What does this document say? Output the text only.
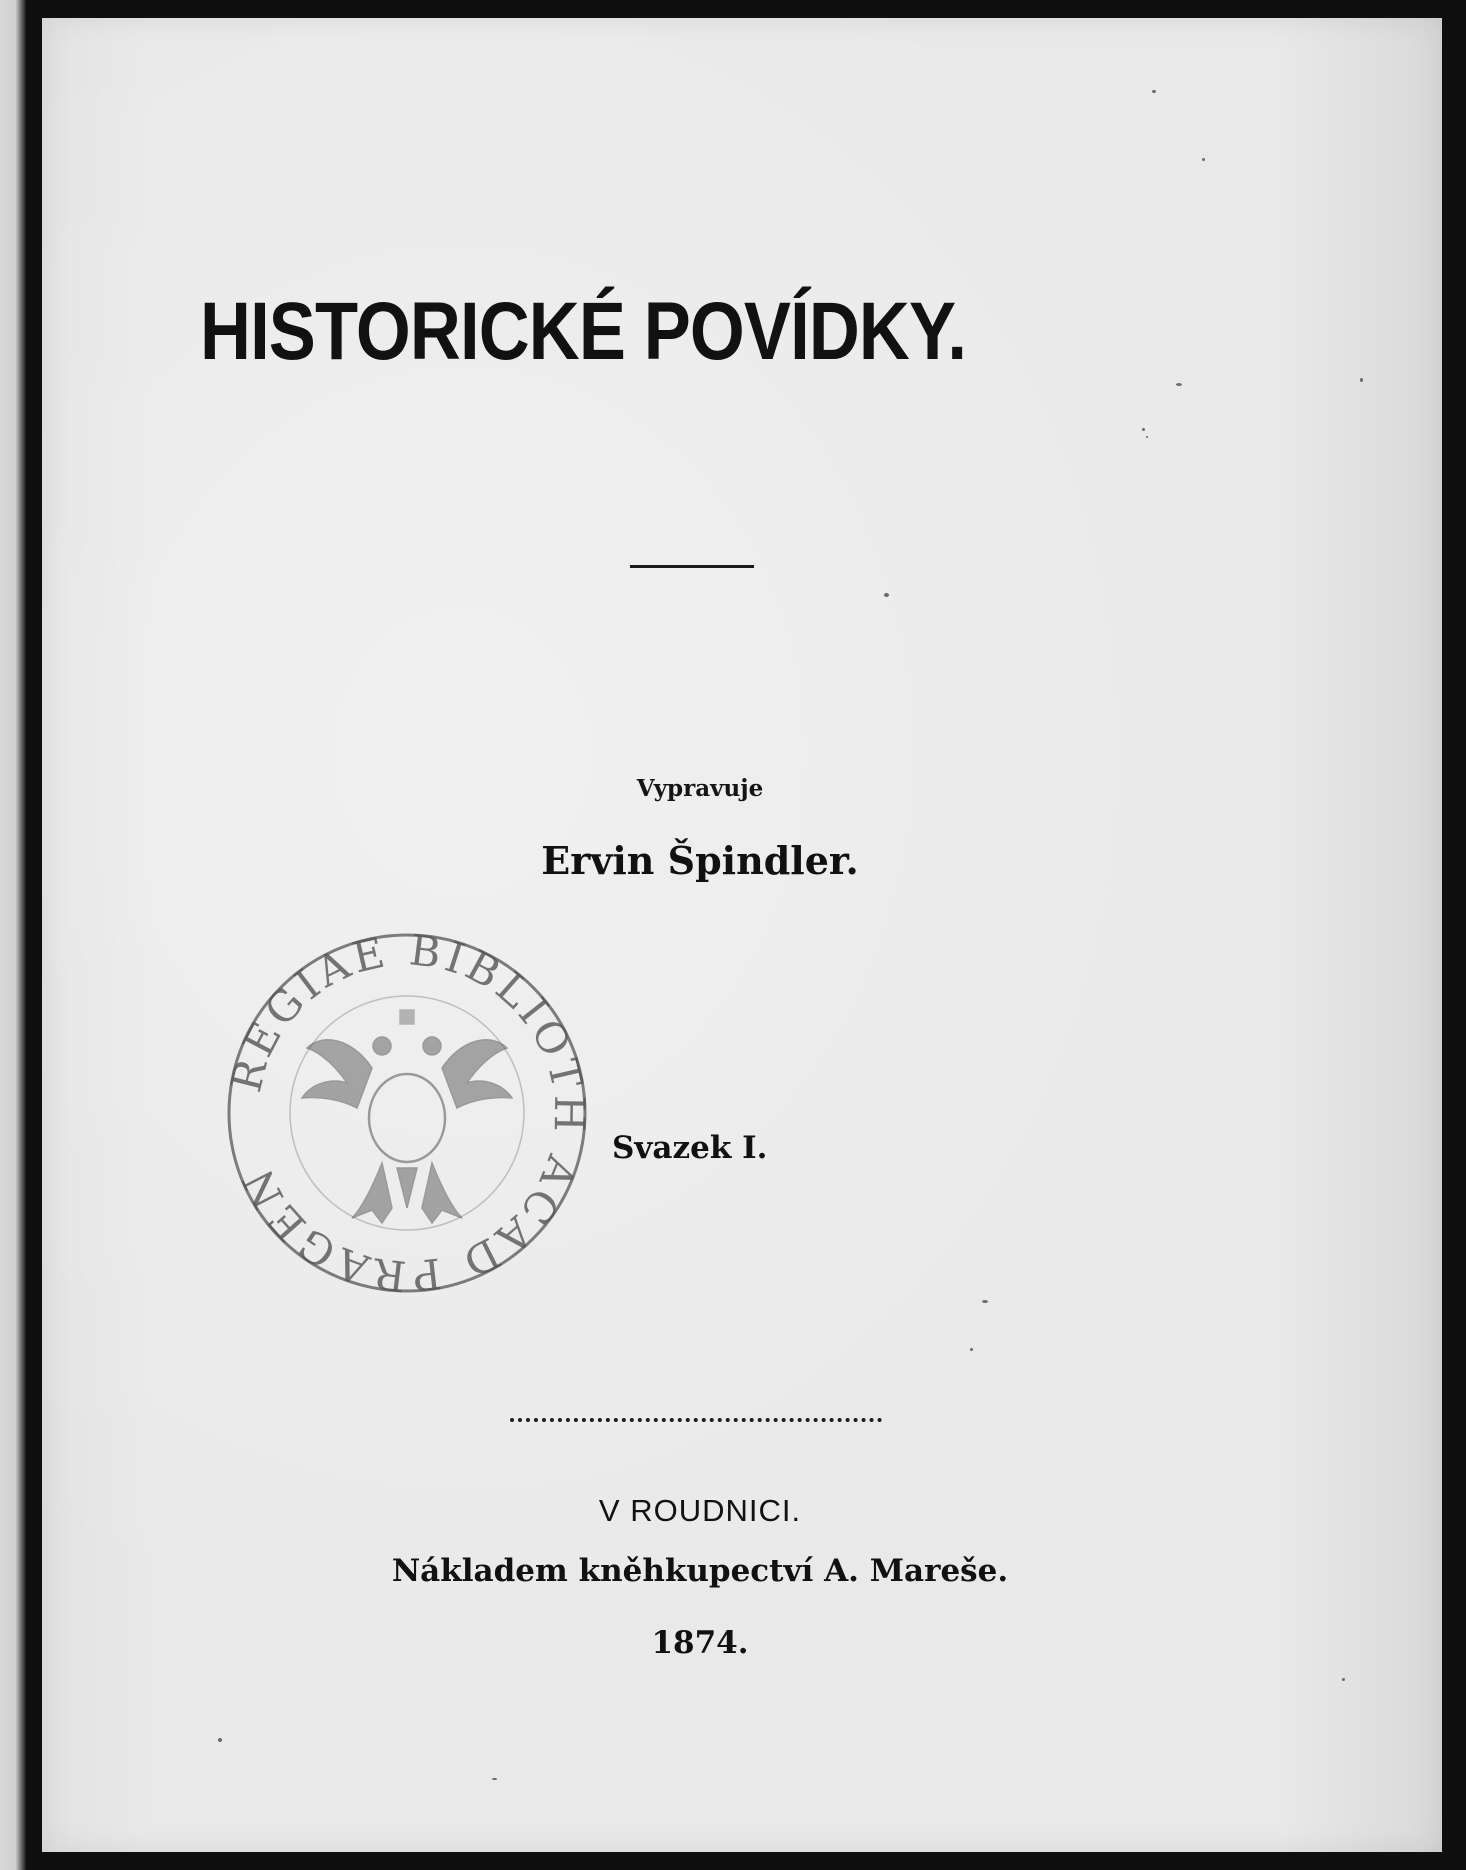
HISTORICKÉ POVÍDKY.
Vypravuje
Ervin Špindler.
REGIAE BIBLIOTH ACAD PRAGEN
Svazek I.
V ROUDNICI.
Nákladem kněhkupectví A. Mareše.
1874.
